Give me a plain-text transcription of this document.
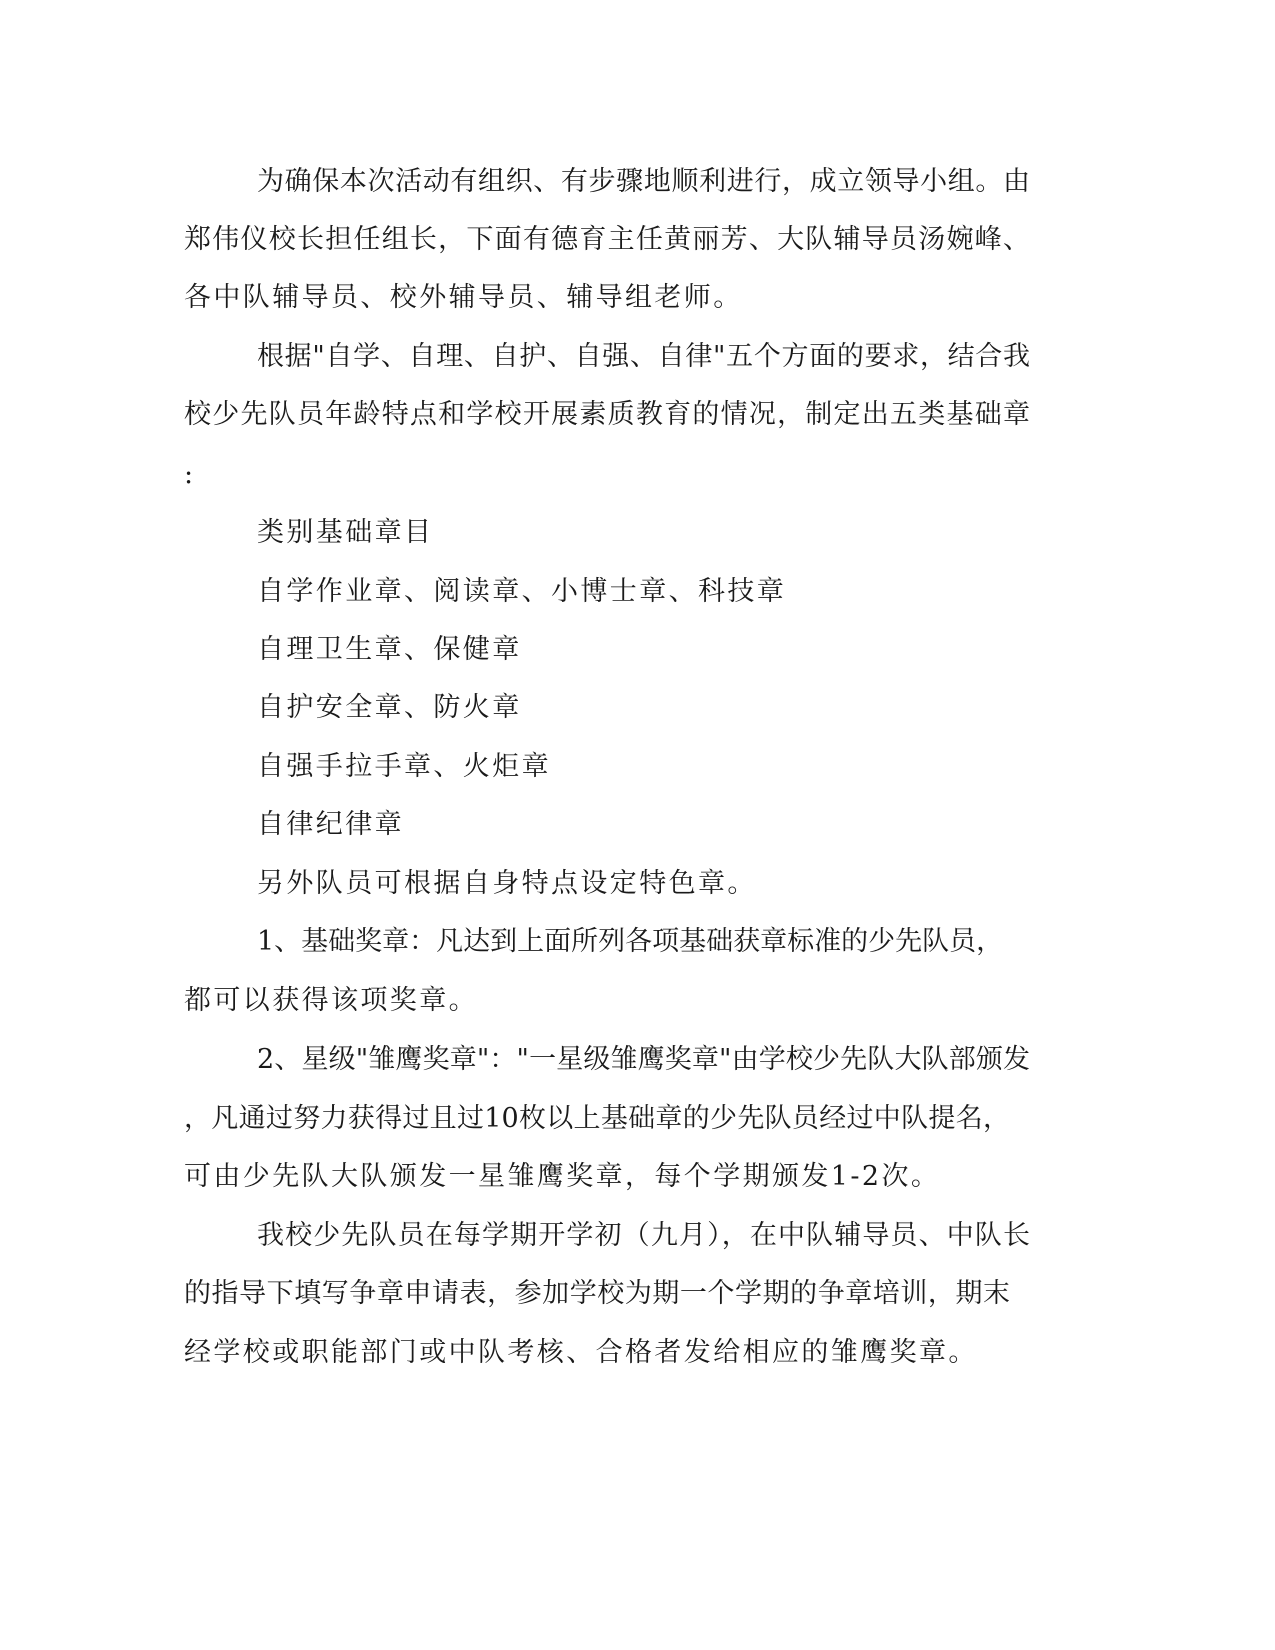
为确保本次活动有组织、有步骤地顺利进行，成立领导小组。由
郑伟仪校长担任组长，下面有德育主任黄丽芳、大队辅导员汤婉峰、
各中队辅导员、校外辅导员、辅导组老师。
根据"自学、自理、自护、自强、自律"五个方面的要求，结合我
校少先队员年龄特点和学校开展素质教育的情况，制定出五类基础章
:
类别基础章目
自学作业章、阅读章、小博士章、科技章
自理卫生章、保健章
自护安全章、防火章
自强手拉手章、火炬章
自律纪律章
另外队员可根据自身特点设定特色章。
1、基础奖章：凡达到上面所列各项基础获章标准的少先队员，
都可以获得该项奖章。
2、星级"雏鹰奖章"："一星级雏鹰奖章"由学校少先队大队部颁发
，凡通过努力获得过且过10枚以上基础章的少先队员经过中队提名，
可由少先队大队颁发一星雏鹰奖章，每个学期颁发1-2次。
我校少先队员在每学期开学初（九月），在中队辅导员、中队长
的指导下填写争章申请表，参加学校为期一个学期的争章培训，期末
经学校或职能部门或中队考核、合格者发给相应的雏鹰奖章。
